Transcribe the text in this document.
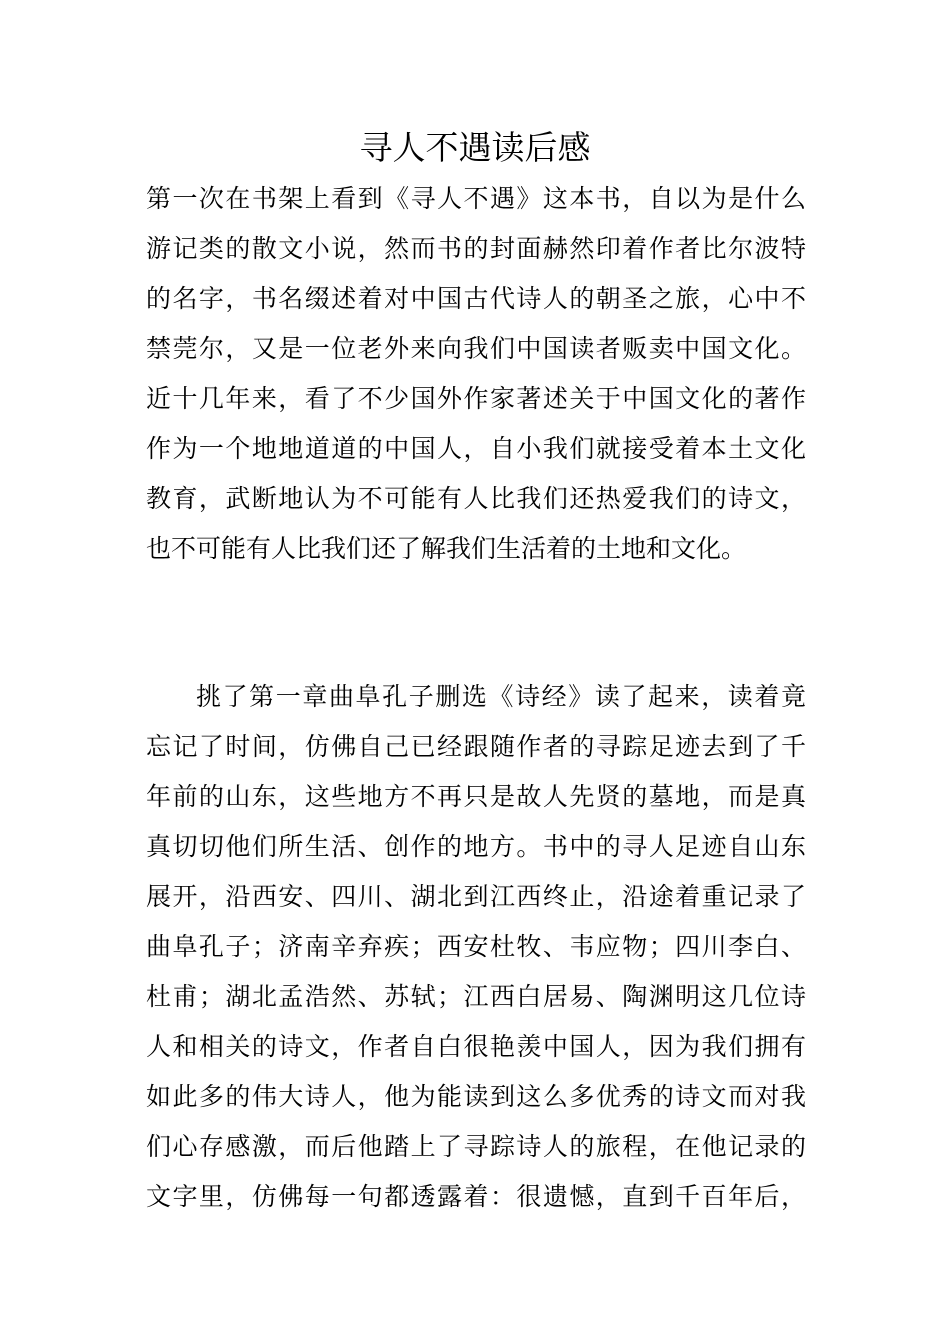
寻人不遇读后感
第一次在书架上看到《寻人不遇》这本书，自以为是什么
游记类的散文小说，然而书的封面赫然印着作者比尔波特
的名字，书名缀述着对中国古代诗人的朝圣之旅，心中不
禁莞尔，又是一位老外来向我们中国读者贩卖中国文化。
近十几年来，看了不少国外作家著述关于中国文化的著作
作为一个地地道道的中国人，自小我们就接受着本土文化
教育，武断地认为不可能有人比我们还热爱我们的诗文，
也不可能有人比我们还了解我们生活着的土地和文化。
挑了第一章曲阜孔子删选《诗经》读了起来，读着竟
忘记了时间，仿佛自己已经跟随作者的寻踪足迹去到了千
年前的山东，这些地方不再只是故人先贤的墓地，而是真
真切切他们所生活、创作的地方。书中的寻人足迹自山东
展开，沿西安、四川、湖北到江西终止，沿途着重记录了
曲阜孔子；济南辛弃疾；西安杜牧、韦应物；四川李白、
杜甫；湖北孟浩然、苏轼；江西白居易、陶渊明这几位诗
人和相关的诗文，作者自白很艳羡中国人，因为我们拥有
如此多的伟大诗人，他为能读到这么多优秀的诗文而对我
们心存感激，而后他踏上了寻踪诗人的旅程，在他记录的
文字里，仿佛每一句都透露着：很遗憾，直到千百年后，
